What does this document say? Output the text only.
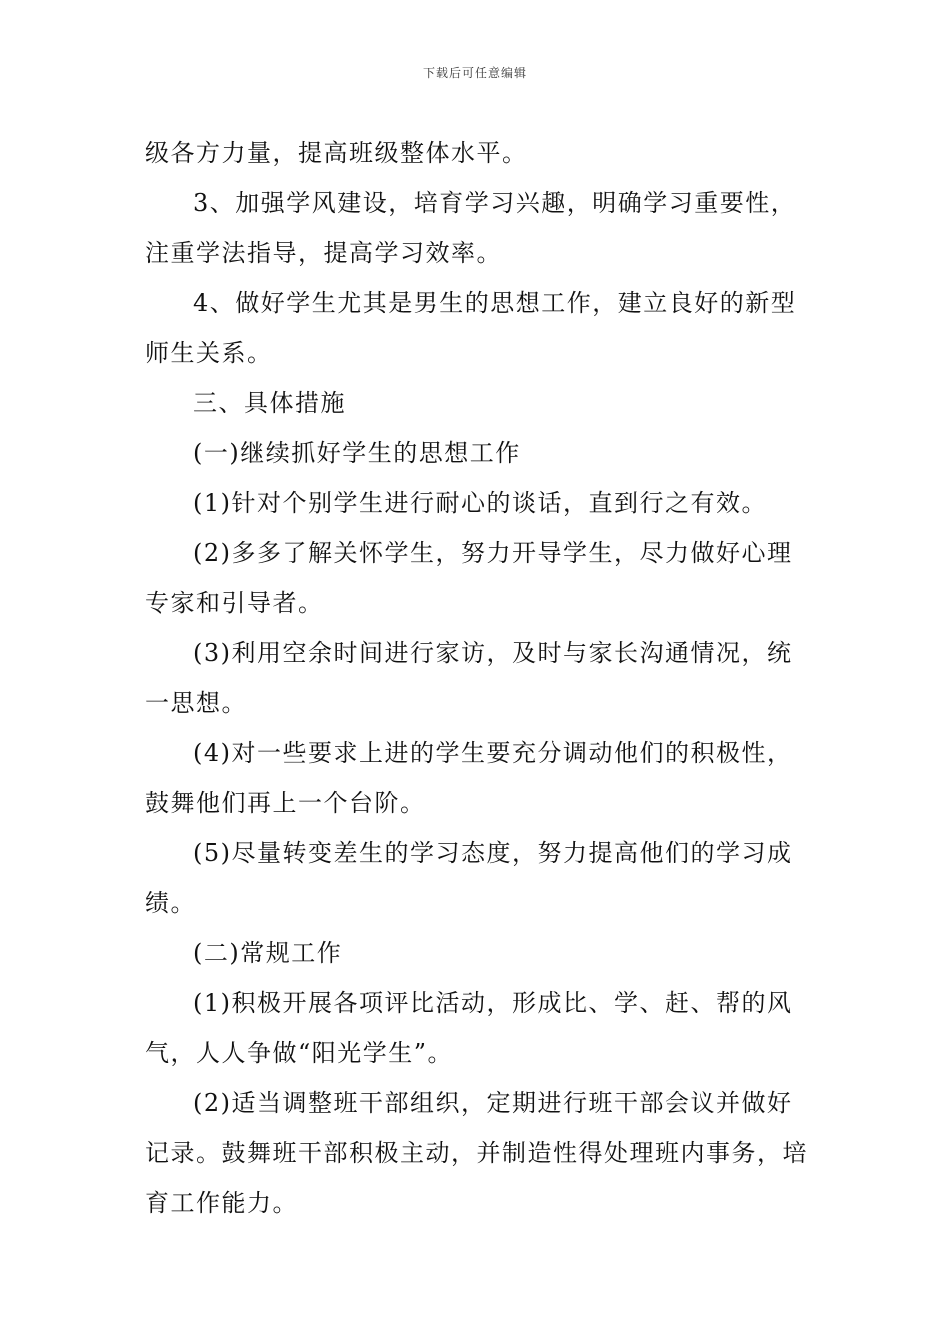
下载后可任意编辑

级各方力量，提高班级整体水平。

3、加强学风建设，培育学习兴趣，明确学习重要性，注重学法指导，提高学习效率。

4、做好学生尤其是男生的思想工作，建立良好的新型师生关系。

三、具体措施

(一)继续抓好学生的思想工作

(1)针对个别学生进行耐心的谈话，直到行之有效。

(2)多多了解关怀学生，努力开导学生，尽力做好心理专家和引导者。

(3)利用空余时间进行家访，及时与家长沟通情况，统一思想。

(4)对一些要求上进的学生要充分调动他们的积极性，鼓舞他们再上一个台阶。

(5)尽量转变差生的学习态度，努力提高他们的学习成绩。

(二)常规工作

(1)积极开展各项评比活动，形成比、学、赶、帮的风气，人人争做“阳光学生”。

(2)适当调整班干部组织，定期进行班干部会议并做好记录。鼓舞班干部积极主动，并制造性得处理班内事务，培育工作能力。
